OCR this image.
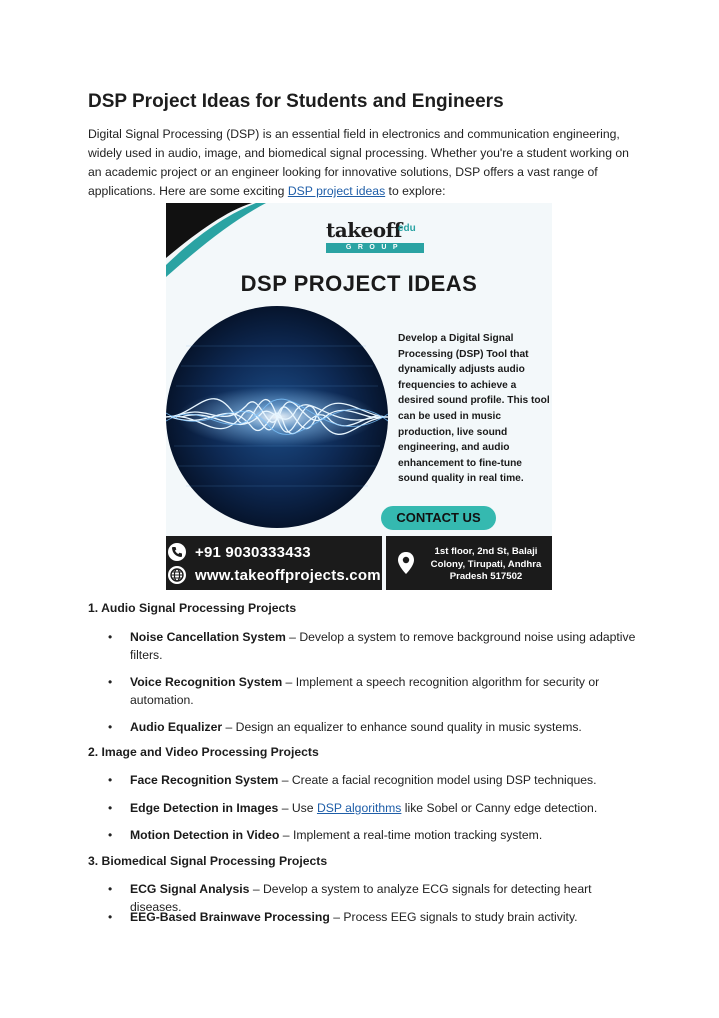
DSP Project Ideas for Students and Engineers

Digital Signal Processing (DSP) is an essential field in electronics and communication engineering, widely used in audio, image, and biomedical signal processing. Whether you're a student working on an academic project or an engineer looking for innovative solutions, DSP offers a vast range of applications. Here are some exciting DSP project ideas to explore:

takeoff
edu
GROUP
DSP PROJECT IDEAS
Develop a Digital Signal Processing (DSP) Tool that dynamically adjusts audio frequencies to achieve a desired sound profile. This tool can be used in music production, live sound engineering, and audio enhancement to fine-tune sound quality in real time.
CONTACT US
+91 9030333433
www.takeoffprojects.com
1st floor, 2nd St, Balaji Colony, Tirupati, Andhra Pradesh 517502
1. Audio Signal Processing Projects
• Noise Cancellation System – Develop a system to remove background noise using adaptive filters.
• Voice Recognition System – Implement a speech recognition algorithm for security or automation.
• Audio Equalizer – Design an equalizer to enhance sound quality in music systems.
2. Image and Video Processing Projects
• Face Recognition System – Create a facial recognition model using DSP techniques.
• Edge Detection in Images – Use DSP algorithms like Sobel or Canny edge detection.
• Motion Detection in Video – Implement a real-time motion tracking system.
3. Biomedical Signal Processing Projects
• ECG Signal Analysis – Develop a system to analyze ECG signals for detecting heart diseases.
• EEG-Based Brainwave Processing – Process EEG signals to study brain activity.
